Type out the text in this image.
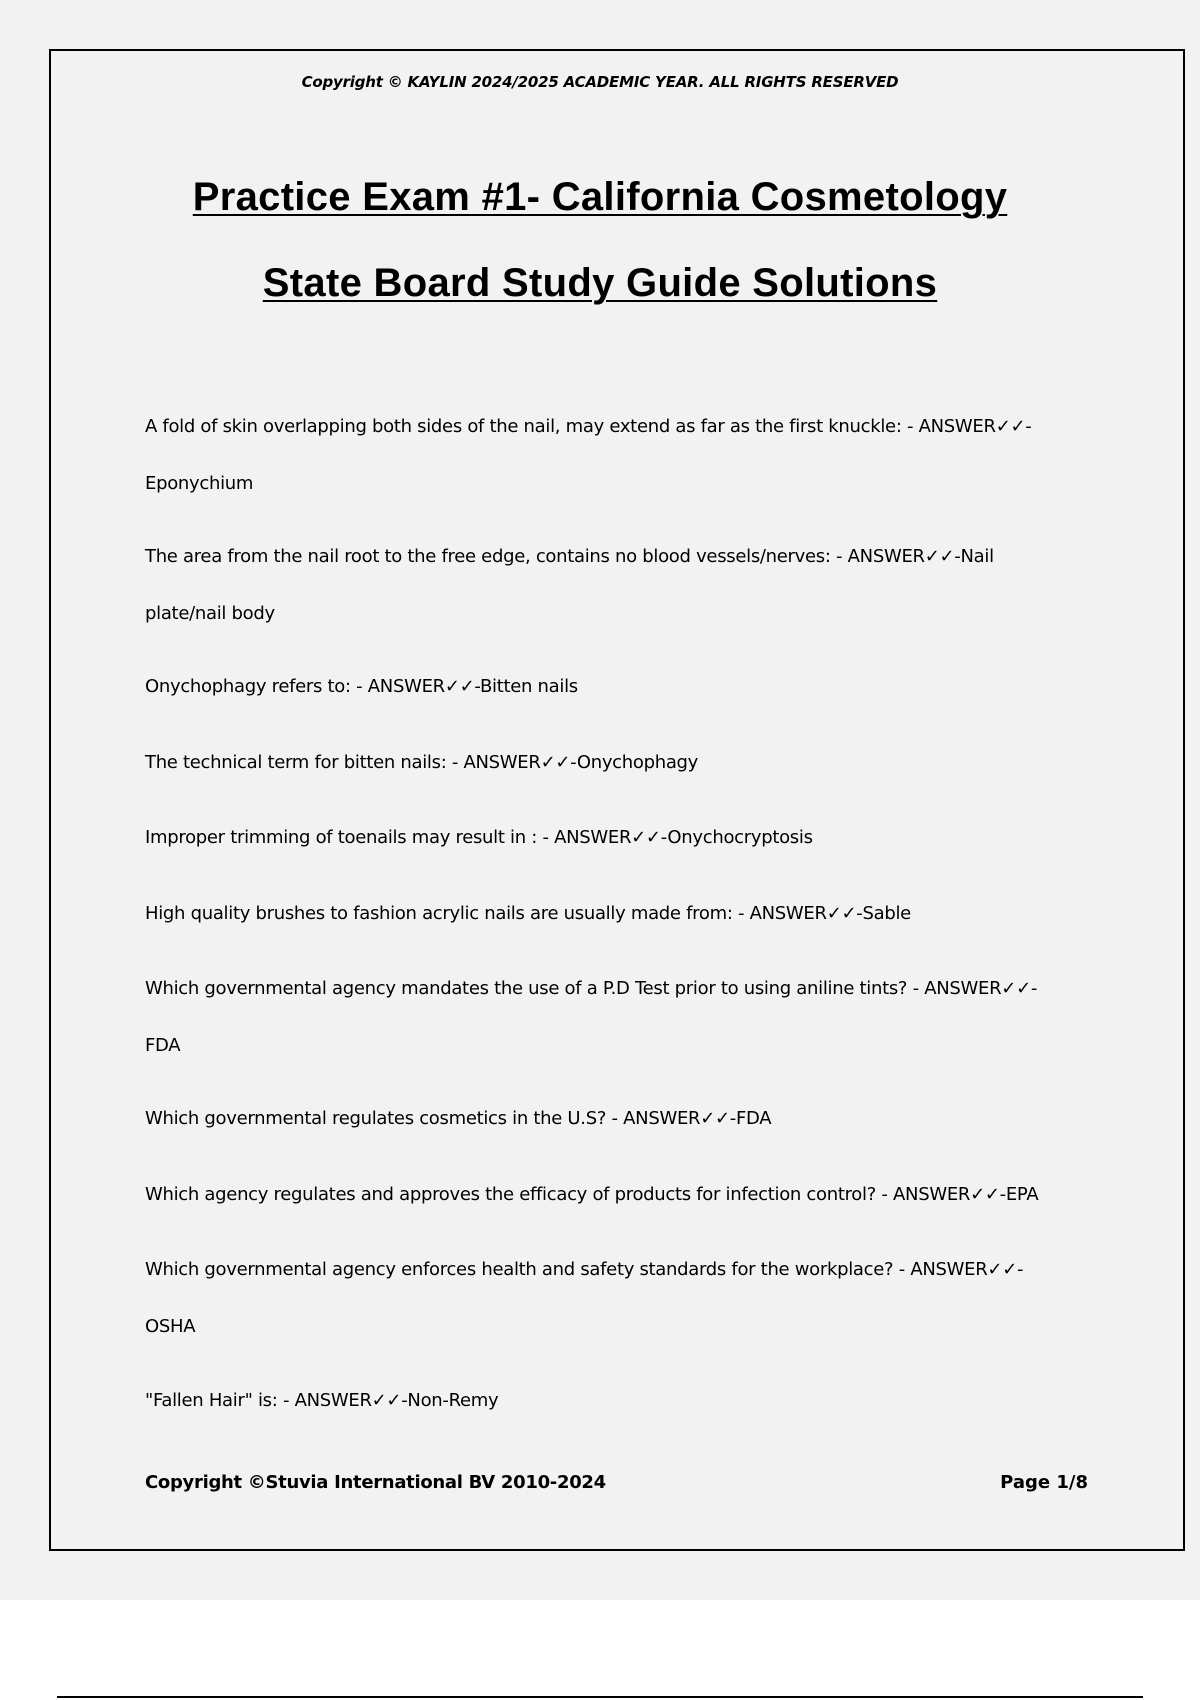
Copyright © KAYLIN 2024/2025 ACADEMIC YEAR. ALL RIGHTS RESERVED
Practice Exam #1- California Cosmetology
State Board Study Guide Solutions
A fold of skin overlapping both sides of the nail, may extend as far as the first knuckle: - ANSWER✓✓-
Eponychium
The area from the nail root to the free edge, contains no blood vessels/nerves: - ANSWER✓✓-Nail
plate/nail body
Onychophagy refers to: - ANSWER✓✓-Bitten nails
The technical term for bitten nails: - ANSWER✓✓-Onychophagy
Improper trimming of toenails may result in : - ANSWER✓✓-Onychocryptosis
High quality brushes to fashion acrylic nails are usually made from: - ANSWER✓✓-Sable
Which governmental agency mandates the use of a P.D Test prior to using aniline tints? - ANSWER✓✓-
FDA
Which governmental regulates cosmetics in the U.S? - ANSWER✓✓-FDA
Which agency regulates and approves the efficacy of products for infection control? - ANSWER✓✓-EPA
Which governmental agency enforces health and safety standards for the workplace? - ANSWER✓✓-
OSHA
"Fallen Hair" is: - ANSWER✓✓-Non-Remy
Copyright ©Stuvia International BV 2010-2024	Page 1/8
